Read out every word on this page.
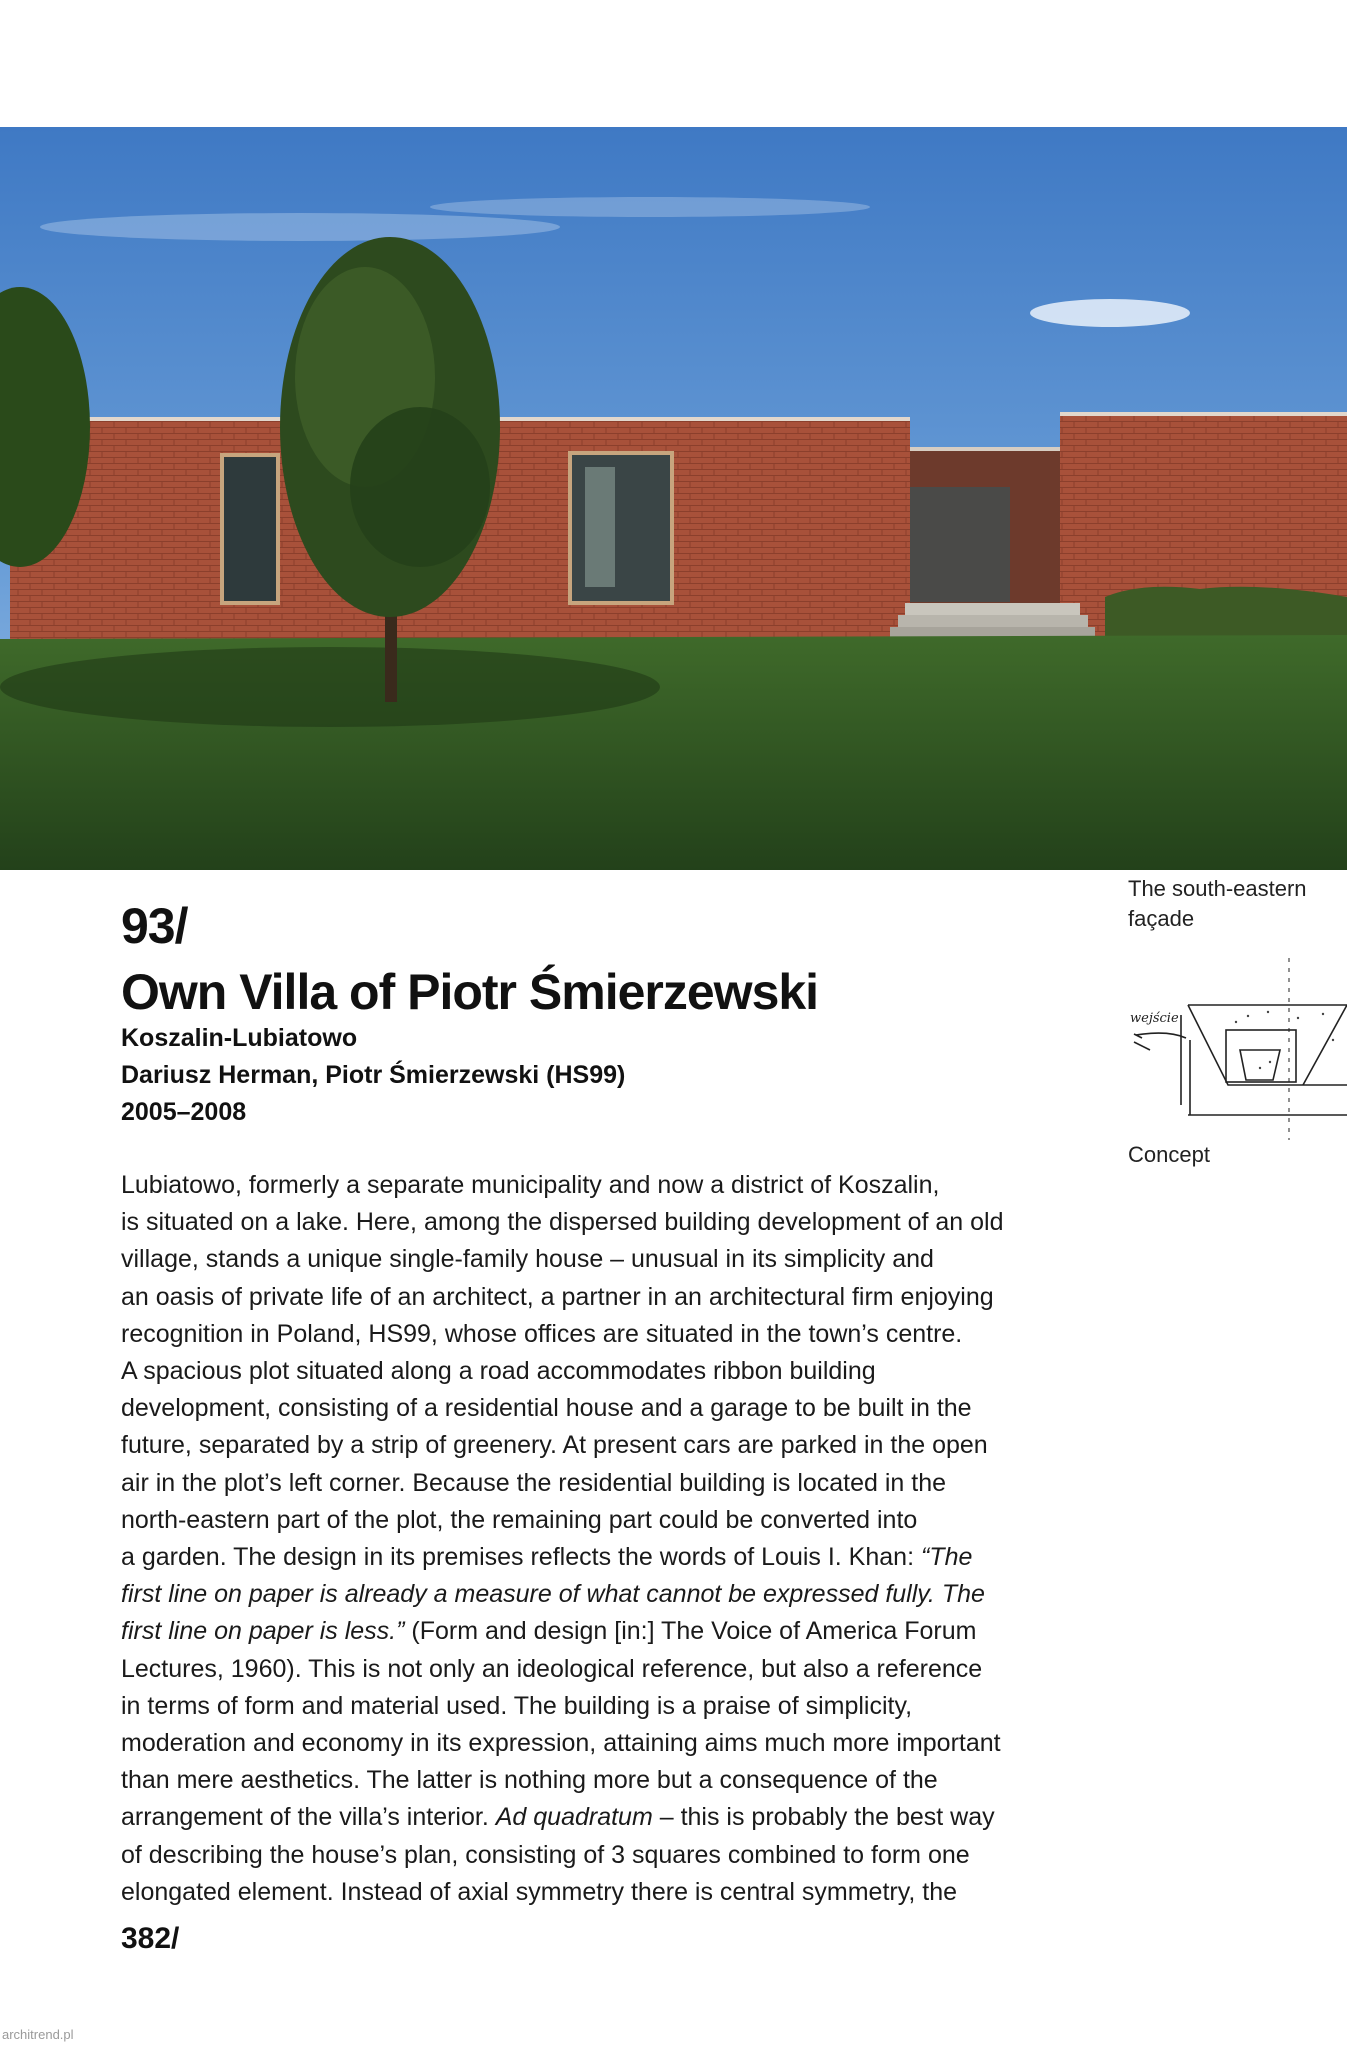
The south-eastern
façade
wejście
Concept
93/
Own Villa of Piotr Śmierzewski
Koszalin-Lubiatowo
Dariusz Herman, Piotr Śmierzewski (HS99)
2005–2008
Lubiatowo, formerly a separate municipality and now a district of Koszalin,
is situated on a lake. Here, among the dispersed building development of an old
village, stands a unique single-family house – unusual in its simplicity and
an oasis of private life of an architect, a partner in an architectural firm enjoying
recognition in Poland, HS99, whose offices are situated in the town’s centre.
A spacious plot situated along a road accommodates ribbon building
development, consisting of a residential house and a garage to be built in the
future, separated by a strip of greenery. At present cars are parked in the open
air in the plot’s left corner. Because the residential building is located in the
north-eastern part of the plot, the remaining part could be converted into
a garden. The design in its premises reflects the words of Louis I. Khan: “The
first line on paper is already a measure of what cannot be expressed fully. The
first line on paper is less.” (Form and design [in:] The Voice of America Forum
Lectures, 1960). This is not only an ideological reference, but also a reference
in terms of form and material used. The building is a praise of simplicity,
moderation and economy in its expression, attaining aims much more important
than mere aesthetics. The latter is nothing more but a consequence of the
arrangement of the villa’s interior. Ad quadratum – this is probably the best way
of describing the house’s plan, consisting of 3 squares combined to form one
elongated element. Instead of axial symmetry there is central symmetry, the
382/
architrend.pl
